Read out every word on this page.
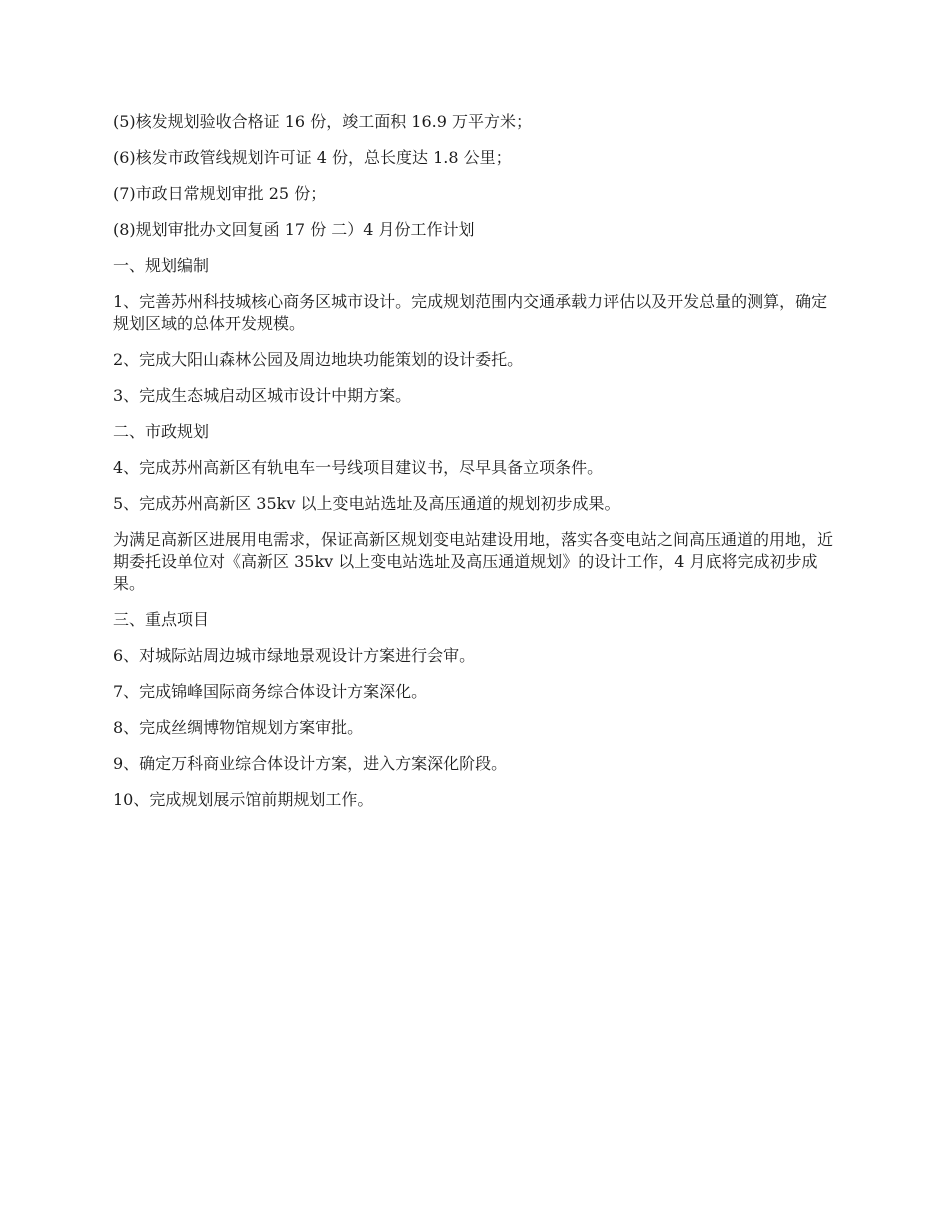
(5)核发规划验收合格证 16 份，竣工面积 16.9 万平方米；

(6)核发市政管线规划许可证 4 份，总长度达 1.8 公里；

(7)市政日常规划审批 25 份；

(8)规划审批办文回复函 17 份 二）4 月份工作计划

一、规划编制

1、完善苏州科技城核心商务区城市设计。完成规划范围内交通承载力评估以及开发总量的测算，确定规划区域的总体开发规模。

2、完成大阳山森林公园及周边地块功能策划的设计委托。

3、完成生态城启动区城市设计中期方案。

二、市政规划

4、完成苏州高新区有轨电车一号线项目建议书，尽早具备立项条件。

5、完成苏州高新区 35kv 以上变电站选址及高压通道的规划初步成果。

为满足高新区进展用电需求，保证高新区规划变电站建设用地，落实各变电站之间高压通道的用地，近期委托设单位对《高新区 35kv 以上变电站选址及高压通道规划》的设计工作，4 月底将完成初步成果。

三、重点项目

6、对城际站周边城市绿地景观设计方案进行会审。

7、完成锦峰国际商务综合体设计方案深化。

8、完成丝绸博物馆规划方案审批。

9、确定万科商业综合体设计方案，进入方案深化阶段。

10、完成规划展示馆前期规划工作。
